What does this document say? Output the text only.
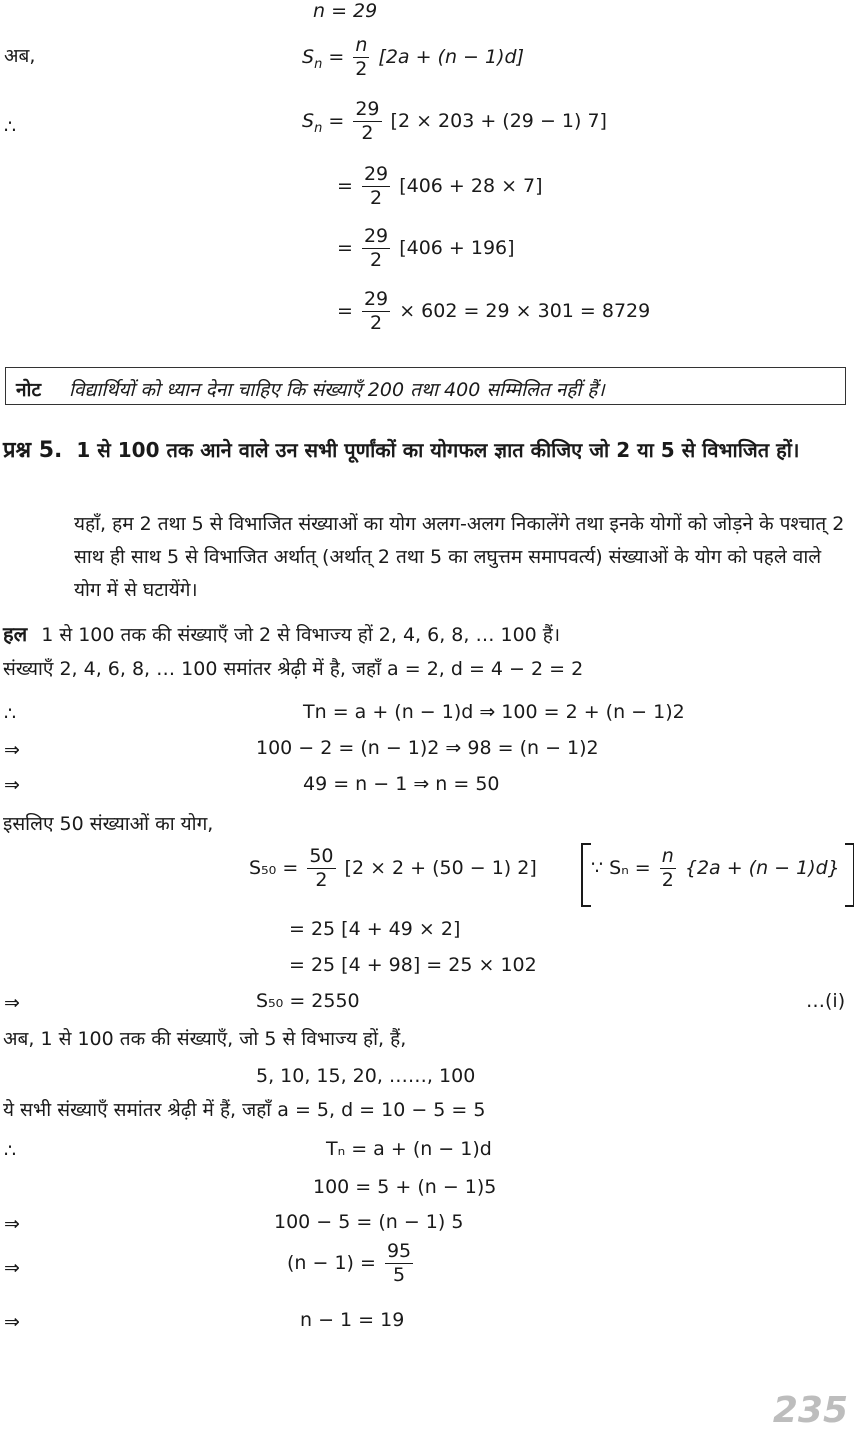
n = 29
अब,	$S_n = \frac{n}{2} [2a + (n - 1)d]$
∴	$S_n = \frac{29}{2} [2 \times 203 + (29 - 1)$ 7]
= $\frac{29}{2} [406 + 28 \times 7]$
= $\frac{29}{2} [406 + 196]$
= $\frac{29}{2} \times 602 = 29 \times 301 = 8729$
नोट विद्यार्थियों को ध्यान देना चाहिए कि संख्याएँ 200 तथा 400 सम्मिलित नहीं हैं।
प्रश्न 5. 1 से 100 तक आने वाले उन सभी पूर्णांकों का योगफल ज्ञात कीजिए जो 2 या 5 से विभाजित हों।
यहाँ, हम 2 तथा 5 से विभाजित संख्याओं का योग अलग-अलग निकालेंगे तथा इनके योगों को जोड़ने के पश्चात् 2 साथ ही साथ 5 से विभाजित अर्थात् (अर्थात् 2 तथा 5 का लघुत्तम समापवर्त्य) संख्याओं के योग को पहले वाले योग में से घटायेंगे।
हल 1 से 100 तक की संख्याएँ जो 2 से विभाज्य हों 2, 4, 6, 8, … 100 हैं।
संख्याएँ 2, 4, 6, 8, … 100 समांतर श्रेढ़ी में है, जहाँ a = 2, d = 4 − 2 = 2
∴	Tn = a + (n − 1)d ⇒ 100 = 2 + (n − 1)2
⇒	100 − 2 = (n − 1)2 ⇒ 98 = (n − 1)2
⇒	49 = n − 1 ⇒ n = 50
इसलिए 50 संख्याओं का योग,
$S_{50} = \frac{50}{2} [2 \times 2 + (50 - 1)$ 2]	∵ $S_n = \frac{n}{2} \{2a + (n - 1)d\}$
= 25 [4 + 49 × 2]
= 25 [4 + 98] = 25 × 102
⇒	S₅₀ = 2550	…(i)
अब, 1 से 100 तक की संख्याएँ, जो 5 से विभाज्य हों, हैं,
5, 10, 15, 20, ……, 100
ये सभी संख्याएँ समांतर श्रेढ़ी में हैं, जहाँ a = 5, d = 10 − 5 = 5
∴	Tₙ = a + (n − 1)d
100 = 5 + (n − 1)5
⇒	100 − 5 = (n − 1) 5
⇒	$(n - 1) = \frac{95}{5}$
⇒	n − 1 = 19
235
